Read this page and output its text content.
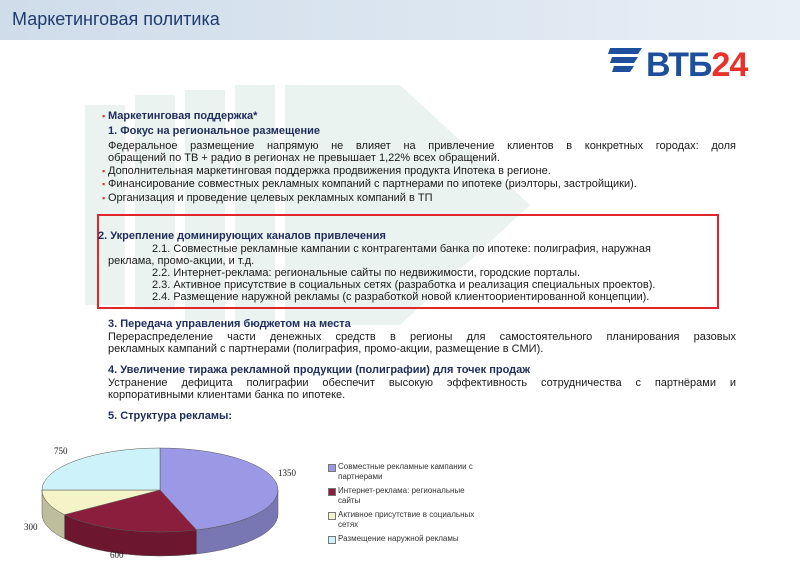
Маркетинговая политика
ВТБ24
▪ Маркетинговая поддержка*
1. Фокус на региональное размещение
Федеральное размещение напрямую не влияет на привлечение клиентов в конкретных городах: доля
обращений по ТВ + радио в регионах не превышает 1,22% всех обращений.
▪ Дополнительная маркетинговая поддержка продвижения продукта Ипотека в регионе.
▪ Финансирование совместных рекламных компаний с партнерами по ипотеке (риэлторы, застройщики).
▪ Организация и проведение целевых рекламных компаний в ТП
2. Укрепление доминирующих каналов привлечения
2.1. Совместные рекламные кампании с контрагентами банка по ипотеке: полиграфия, наружная
реклама, промо-акции, и т.д.
2.2. Интернет-реклама: региональные сайты по недвижимости, городские порталы.
2.3. Активное присутствие в социальных сетях (разработка и реализация специальных проектов).
2.4. Размещение наружной рекламы (с разработкой новой клиентоориентированной концепции).
3. Передача управления бюджетом на места
Перераспределение части денежных средств в регионы для самостоятельного планирования разовых
рекламных кампаний с партнерами (полиграфия, промо-акции, размещение в СМИ).
4. Увеличение тиража рекламной продукции (полиграфии) для точек продаж
Устранение дефицита полиграфии обеспечит высокую эффективность сотрудничества с партнёрами и
корпоративными клиентами банка по ипотеке.
5. Структура рекламы:
750
1350
300
600
Совместные рекламные кампании с партнерами
Интернет-реклама: региональные сайты
Активное присутствие в социальных сетях
Размещение наружной рекламы
